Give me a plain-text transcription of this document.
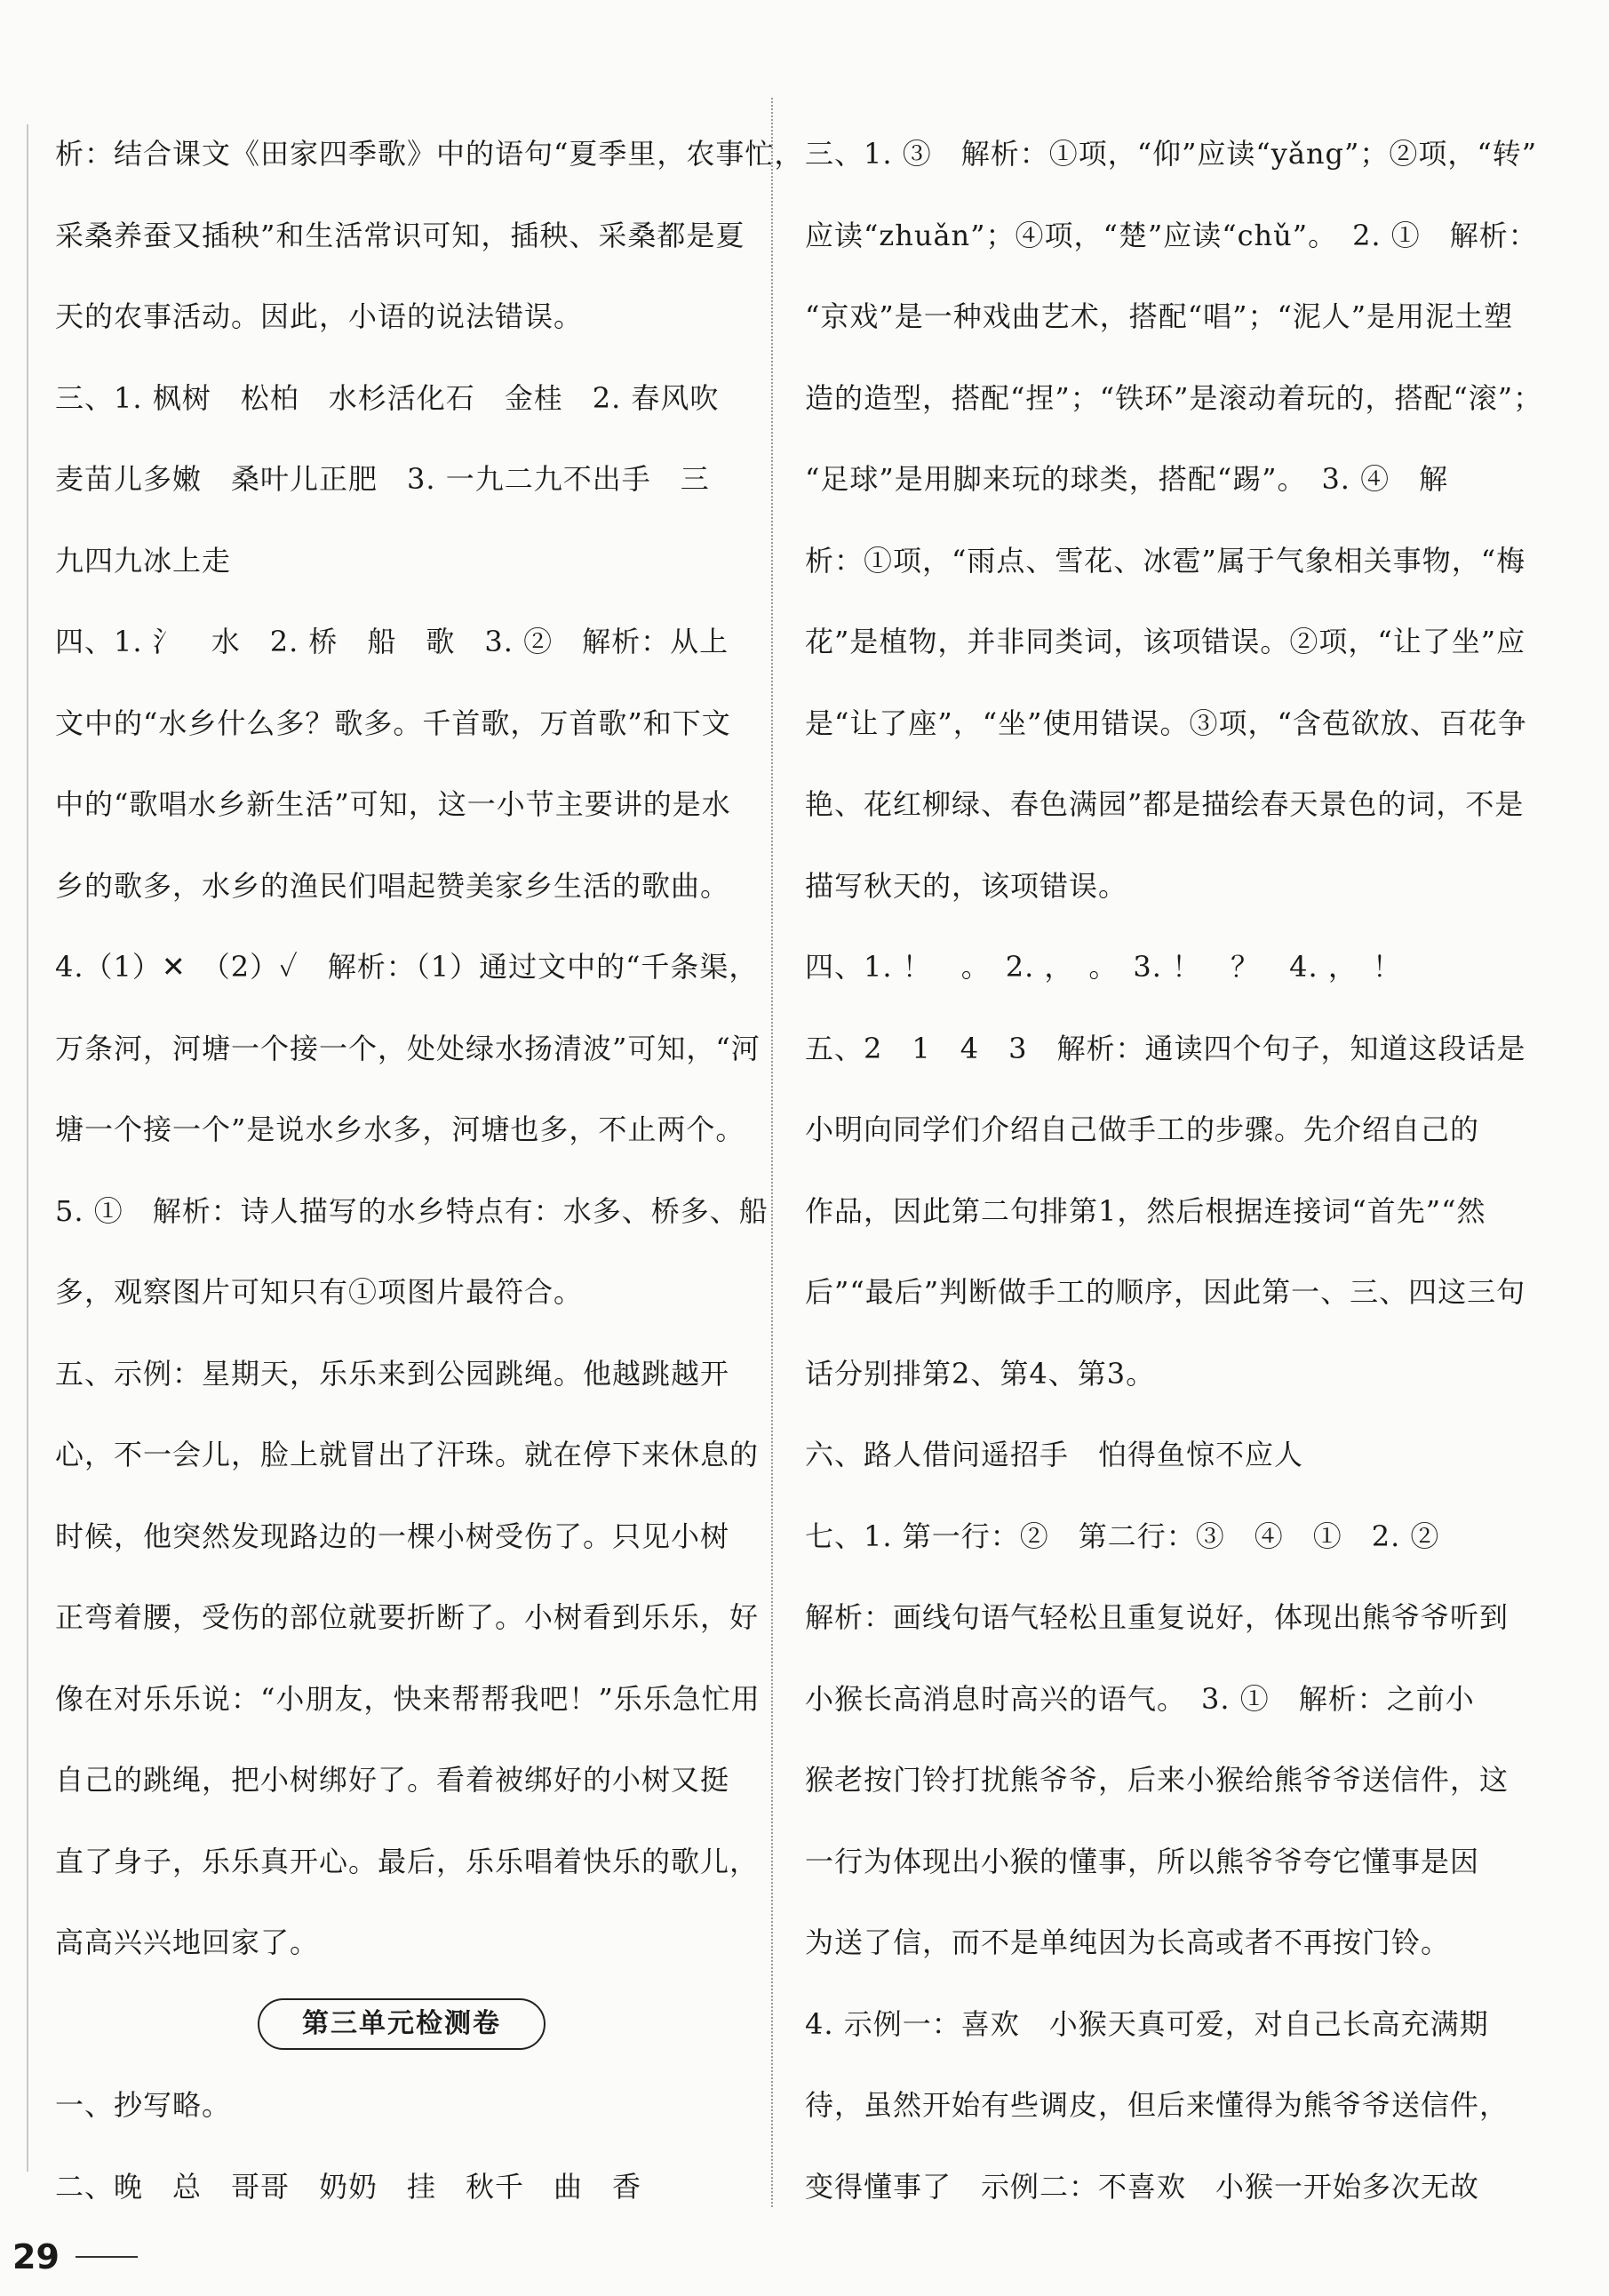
析：结合课文《田家四季歌》中的语句“夏季里，农事忙，
采桑养蚕又插秧”和生活常识可知，插秧、采桑都是夏
天的农事活动。因此，小语的说法错误。
三、1. 枫树　松柏　水杉活化石　金桂　2. 春风吹
麦苗儿多嫩　桑叶儿正肥　3. 一九二九不出手　三
九四九冰上走
四、1. 氵　水　2. 桥　船　歌　3. ②　解析：从上
文中的“水乡什么多？歌多。千首歌，万首歌”和下文
中的“歌唱水乡新生活”可知，这一小节主要讲的是水
乡的歌多，水乡的渔民们唱起赞美家乡生活的歌曲。
4.（1）✕　（2）✓　解析：（1）通过文中的“千条渠，
万条河，河塘一个接一个，处处绿水扬清波”可知，“河
塘一个接一个”是说水乡水多，河塘也多，不止两个。
5. ①　解析：诗人描写的水乡特点有：水多、桥多、船
多，观察图片可知只有①项图片最符合。
五、示例：星期天，乐乐来到公园跳绳。他越跳越开
心，不一会儿，脸上就冒出了汗珠。就在停下来休息的
时候，他突然发现路边的一棵小树受伤了。只见小树
正弯着腰，受伤的部位就要折断了。小树看到乐乐，好
像在对乐乐说：“小朋友，快来帮帮我吧！”乐乐急忙用
自己的跳绳，把小树绑好了。看着被绑好的小树又挺
直了身子，乐乐真开心。最后，乐乐唱着快乐的歌儿，
高高兴兴地回家了。
第三单元检测卷
一、抄写略。
二、晚　总　哥哥　奶奶　挂　秋千　曲　香
三、1. ③　解析：①项，“仰”应读“yǎng”；②项，“转”
应读“zhuǎn”；④项，“楚”应读“chǔ”。　2. ①　解析：
“京戏”是一种戏曲艺术，搭配“唱”；“泥人”是用泥土塑
造的造型，搭配“捏”；“铁环”是滚动着玩的，搭配“滚”；
“足球”是用脚来玩的球类，搭配“踢”。　3. ④　解
析：①项，“雨点、雪花、冰雹”属于气象相关事物，“梅
花”是植物，并非同类词，该项错误。②项，“让了坐”应
是“让了座”，“坐”使用错误。③项，“含苞欲放、百花争
艳、花红柳绿、春色满园”都是描绘春天景色的词，不是
描写秋天的，该项错误。
四、1. ！　。　2. ，　。　3. ！　？　4. ，　！
五、2　1　4　3　解析：通读四个句子，知道这段话是
小明向同学们介绍自己做手工的步骤。先介绍自己的
作品，因此第二句排第1，然后根据连接词“首先”“然
后”“最后”判断做手工的顺序，因此第一、三、四这三句
话分别排第2、第4、第3。
六、路人借问遥招手　怕得鱼惊不应人
七、1. 第一行：②　第二行：③　④　①　2. ②
解析：画线句语气轻松且重复说好，体现出熊爷爷听到
小猴长高消息时高兴的语气。　3. ①　解析：之前小
猴老按门铃打扰熊爷爷，后来小猴给熊爷爷送信件，这
一行为体现出小猴的懂事，所以熊爷爷夸它懂事是因
为送了信，而不是单纯因为长高或者不再按门铃。
4. 示例一：喜欢　小猴天真可爱，对自己长高充满期
待，虽然开始有些调皮，但后来懂得为熊爷爷送信件，
变得懂事了　示例二：不喜欢　小猴一开始多次无故
29
